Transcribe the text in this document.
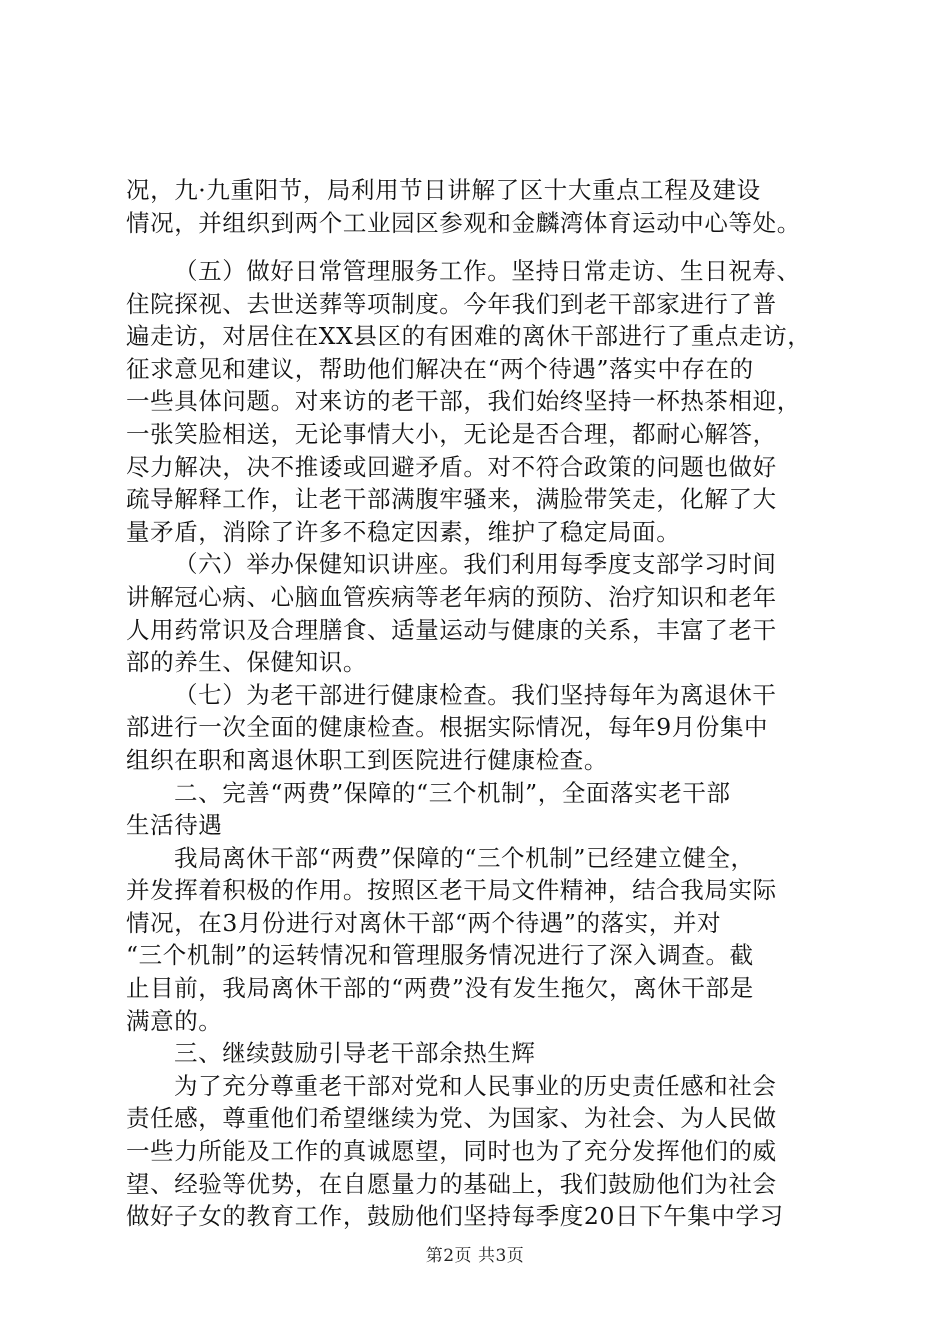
况，九·九重阳节，局利用节日讲解了区十大重点工程及建设
情况，并组织到两个工业园区参观和金麟湾体育运动中心等处。
（五）做好日常管理服务工作。坚持日常走访、生日祝寿、
住院探视、去世送葬等项制度。今年我们到老干部家进行了普
遍走访，对居住在XX县区的有困难的离休干部进行了重点走访，
征求意见和建议，帮助他们解决在“两个待遇”落实中存在的
一些具体问题。对来访的老干部，我们始终坚持一杯热茶相迎，
一张笑脸相送，无论事情大小，无论是否合理，都耐心解答，
尽力解决，决不推诿或回避矛盾。对不符合政策的问题也做好
疏导解释工作，让老干部满腹牢骚来，满脸带笑走，化解了大
量矛盾，消除了许多不稳定因素，维护了稳定局面。
（六）举办保健知识讲座。我们利用每季度支部学习时间
讲解冠心病、心脑血管疾病等老年病的预防、治疗知识和老年
人用药常识及合理膳食、适量运动与健康的关系，丰富了老干
部的养生、保健知识。
（七）为老干部进行健康检查。我们坚持每年为离退休干
部进行一次全面的健康检查。根据实际情况，每年9月份集中
组织在职和离退休职工到医院进行健康检查。
二、完善“两费”保障的“三个机制”，全面落实老干部
生活待遇
我局离休干部“两费”保障的“三个机制”已经建立健全，
并发挥着积极的作用。按照区老干局文件精神，结合我局实际
情况，在3月份进行对离休干部“两个待遇”的落实，并对
“三个机制”的运转情况和管理服务情况进行了深入调查。截
止目前，我局离休干部的“两费”没有发生拖欠，离休干部是
满意的。
三、继续鼓励引导老干部余热生辉
为了充分尊重老干部对党和人民事业的历史责任感和社会
责任感，尊重他们希望继续为党、为国家、为社会、为人民做
一些力所能及工作的真诚愿望，同时也为了充分发挥他们的威
望、经验等优势，在自愿量力的基础上，我们鼓励他们为社会
做好子女的教育工作，鼓励他们坚持每季度20日下午集中学习
第2页 共3页
